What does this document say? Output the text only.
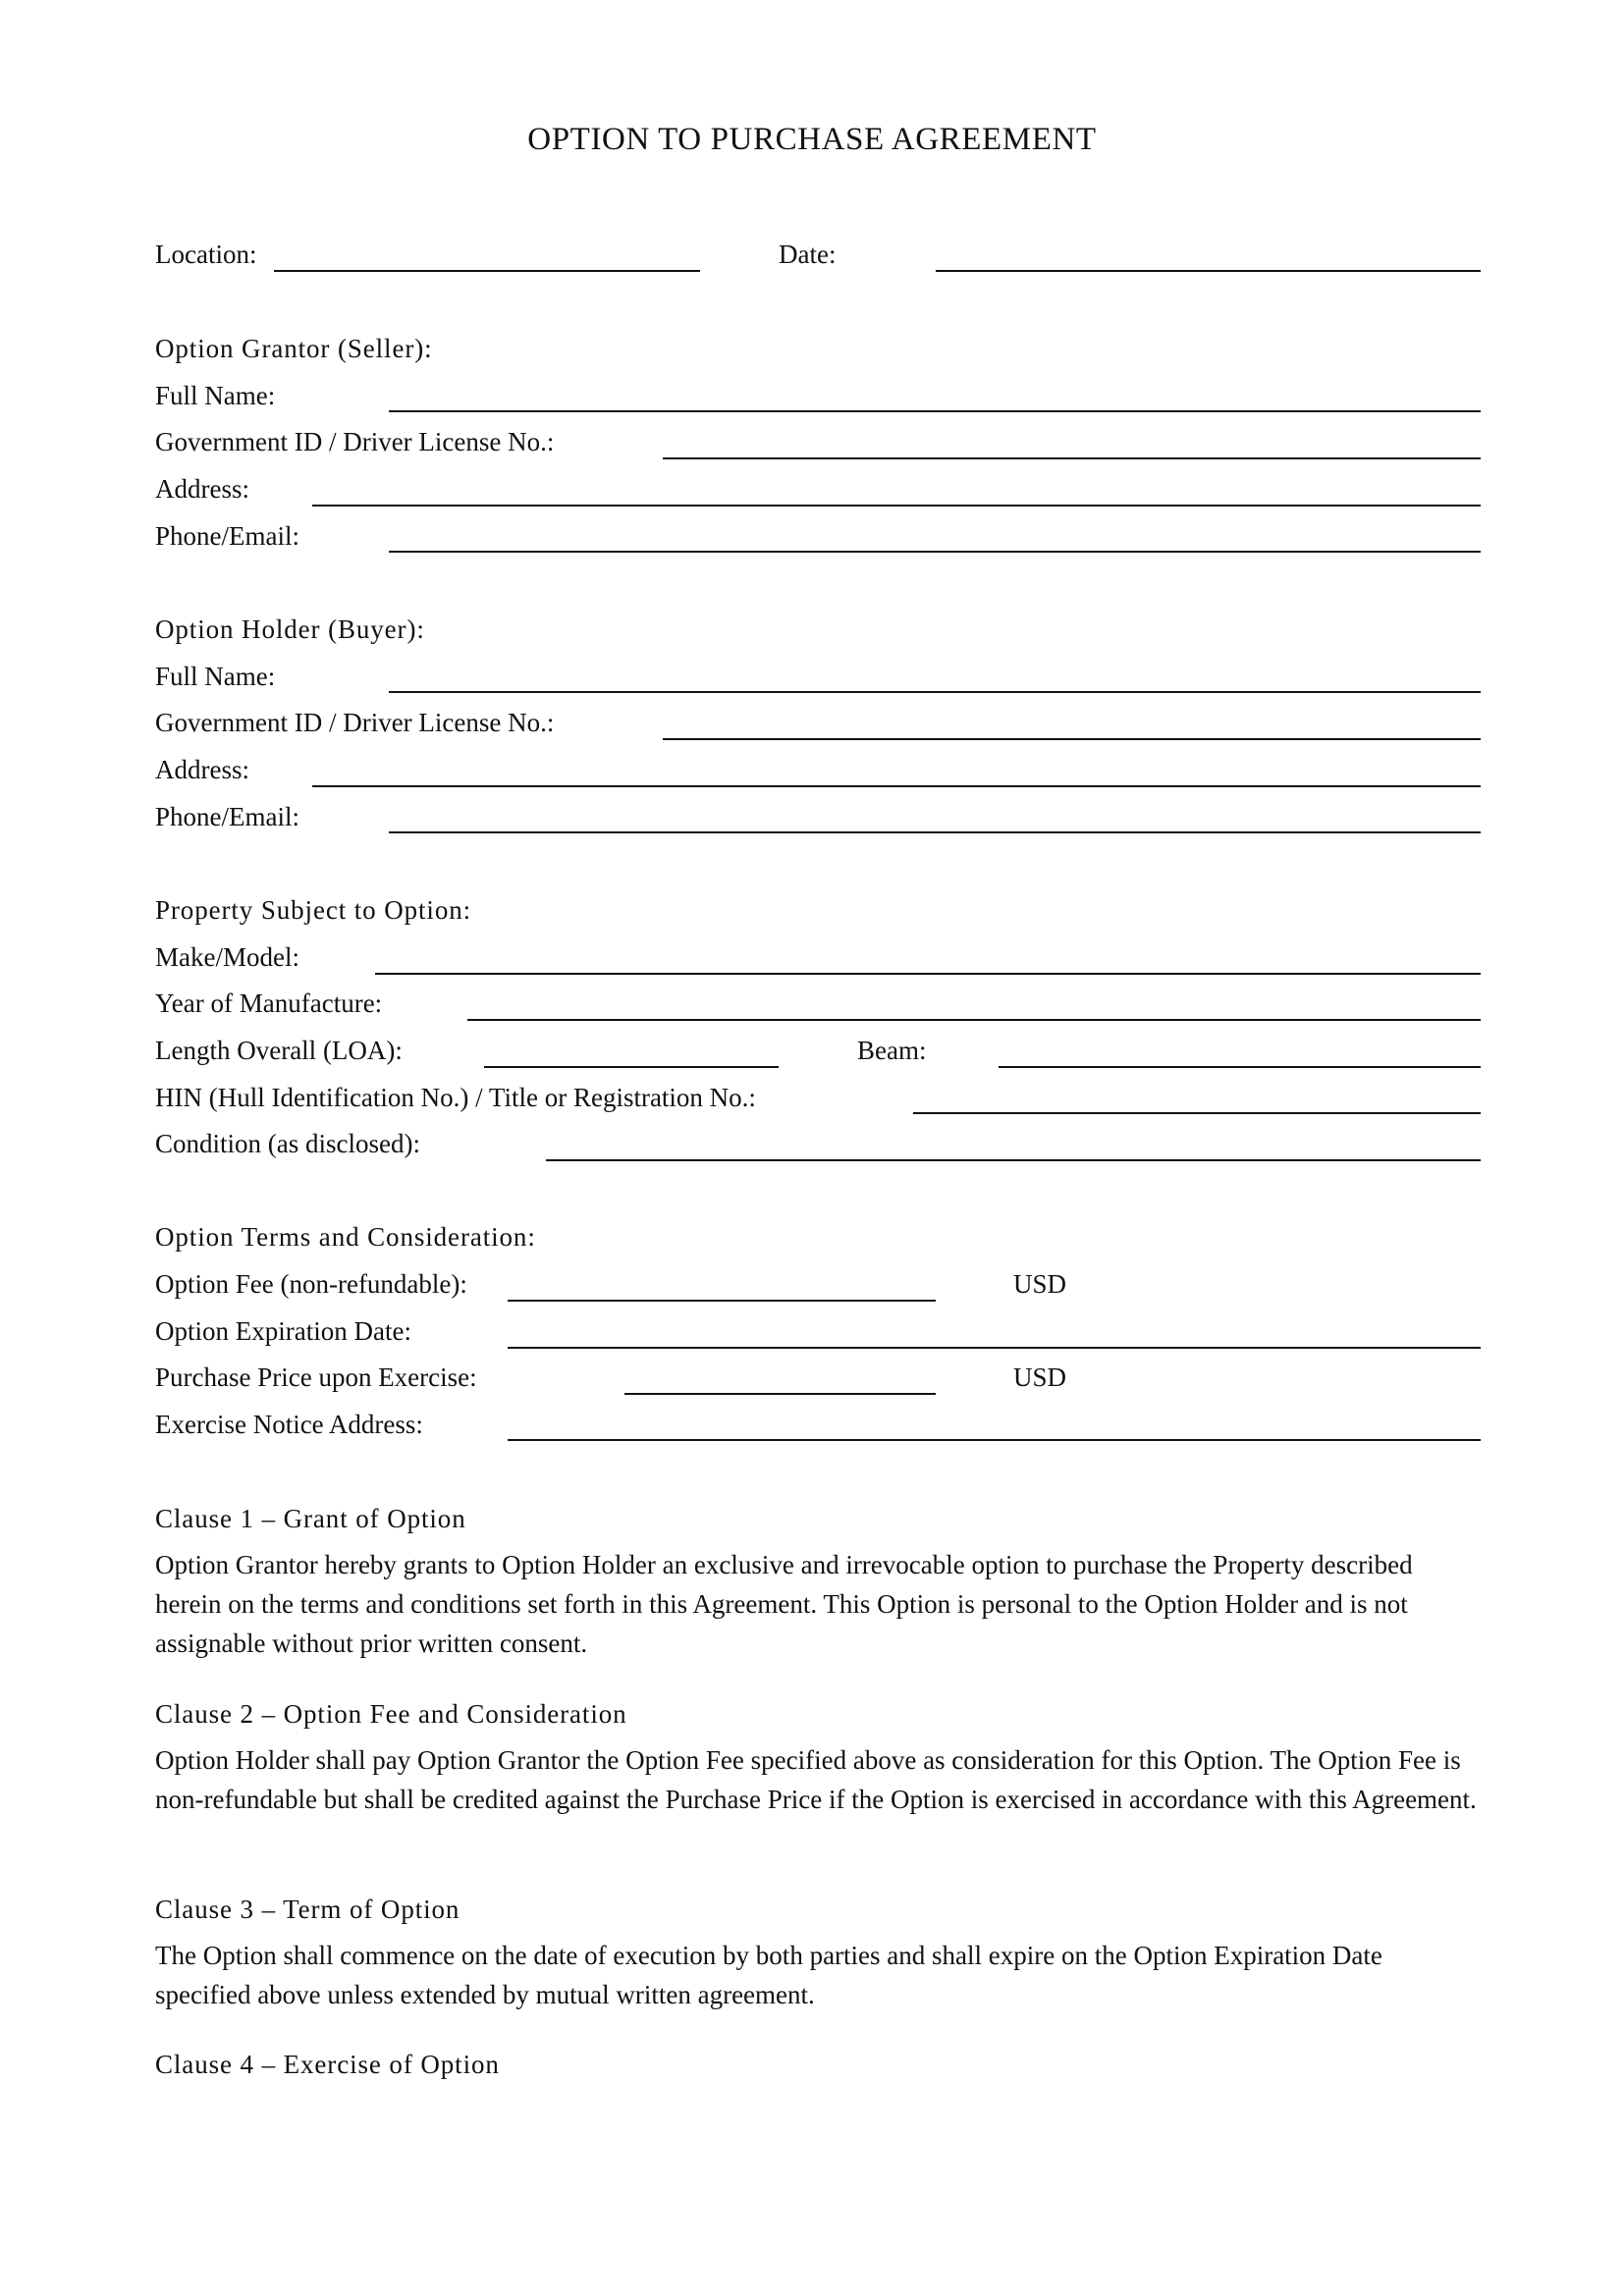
OPTION TO PURCHASE AGREEMENT
Location:	Date:
Option Grantor (Seller):
Full Name:
Government ID / Driver License No.:
Address:
Phone/Email:
Option Holder (Buyer):
Full Name:
Government ID / Driver License No.:
Address:
Phone/Email:
Property Subject to Option:
Make/Model:
Year of Manufacture:
Length Overall (LOA):	Beam:
HIN (Hull Identification No.) / Title or Registration No.:
Condition (as disclosed):
Option Terms and Consideration:
Option Fee (non-refundable):	USD
Option Expiration Date:
Purchase Price upon Exercise:	USD
Exercise Notice Address:
Clause 1 – Grant of Option
Option Grantor hereby grants to Option Holder an exclusive and irrevocable option to purchase the Property described herein on the terms and conditions set forth in this Agreement. This Option is personal to the Option Holder and is not assignable without prior written consent.
Clause 2 – Option Fee and Consideration
Option Holder shall pay Option Grantor the Option Fee specified above as consideration for this Option. The Option Fee is non-refundable but shall be credited against the Purchase Price if the Option is exercised in accordance with this Agreement.
Clause 3 – Term of Option
The Option shall commence on the date of execution by both parties and shall expire on the Option Expiration Date specified above unless extended by mutual written agreement.
Clause 4 – Exercise of Option
